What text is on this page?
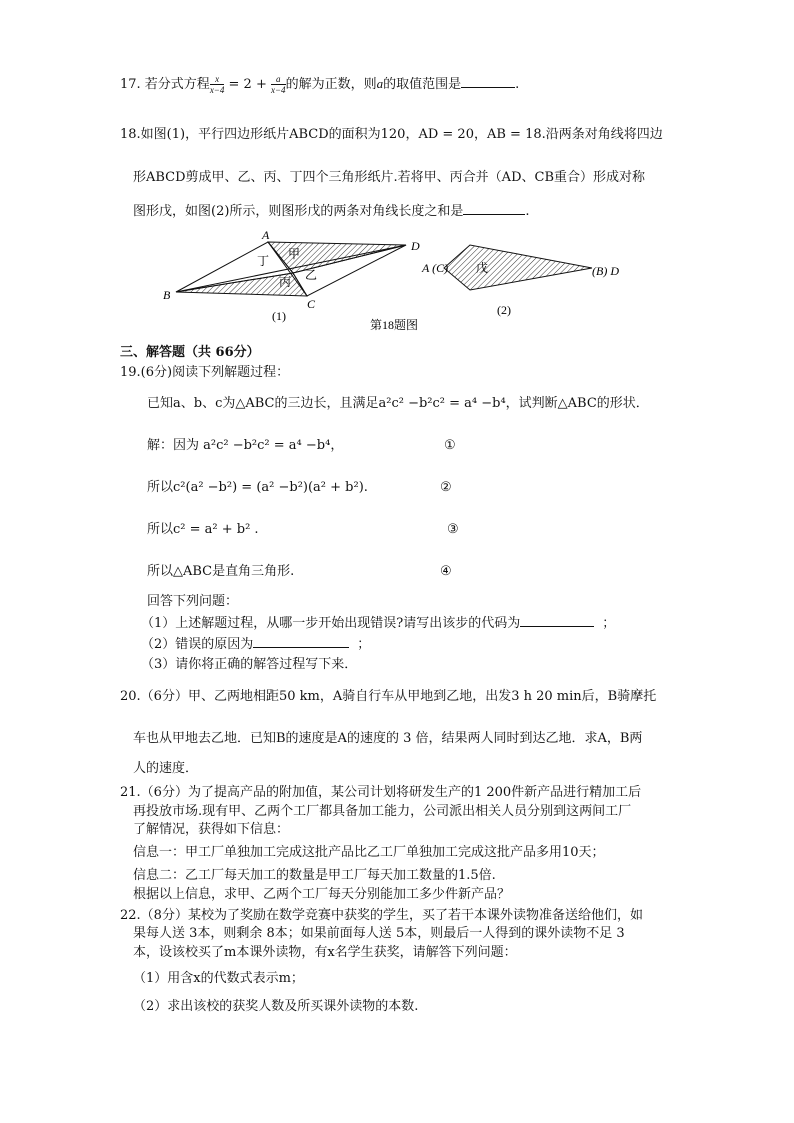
17. 若分式方程 $\frac{x}{x-4} = 2 + \frac{a}{x-4}$ 的解为正数，则a的取值范围是	.
18.如图(1)，平行四边形纸片ABCD的面积为120，AD = 20，AB = 18.沿两条对角线将四边
形ABCD剪成甲、乙、丙、丁四个三角形纸片.若将甲、丙合并（AD、CB重合）形成对称
图形戊，如图(2)所示，则图形戊的两条对角线长度之和是	.
A
D
B
C
甲
乙
丙
丁
(1)
戊
A (C)	(B) D
(2)
第18题图
三、解答题（共 66分）
19.(6分)阅读下列解题过程：
已知a、b、c为△ABC的三边长，且满足a²c² −b²c² = a⁴ −b⁴，试判断△ABC的形状．
解：因为 a²c² −b²c² = a⁴ −b⁴，	①
所以c²(a² −b²) = (a² −b²)(a² + b²).	②
所以c² = a² + b² .	③
所以△ABC是直角三角形.	④
回答下列问题：
（1）上述解题过程，从哪一步开始出现错误?请写出该步的代码为	；
（2）错误的原因为	；
（3）请你将正确的解答过程写下来．
20.（6分）甲、乙两地相距50 km，A骑自行车从甲地到乙地，出发3 h 20 min后，B骑摩托
车也从甲地去乙地．已知B的速度是A的速度的 3 倍，结果两人同时到达乙地．求A，B两
人的速度．
21.（6分）为了提高产品的附加值，某公司计划将研发生产的1 200件新产品进行精加工后
再投放市场.现有甲、乙两个工厂都具备加工能力，公司派出相关人员分别到这两间工厂
了解情况，获得如下信息：
信息一：甲工厂单独加工完成这批产品比乙工厂单独加工完成这批产品多用10天；
信息二：乙工厂每天加工的数量是甲工厂每天加工数量的1.5倍.
根据以上信息，求甲、乙两个工厂每天分别能加工多少件新产品？
22.（8分）某校为了奖励在数学竞赛中获奖的学生，买了若干本课外读物准备送给他们，如
果每人送 3本，则剩余 8本；如果前面每人送 5本，则最后一人得到的课外读物不足 3
本，设该校买了m本课外读物，有x名学生获奖，请解答下列问题：
（1）用含x的代数式表示m；
（2）求出该校的获奖人数及所买课外读物的本数.
